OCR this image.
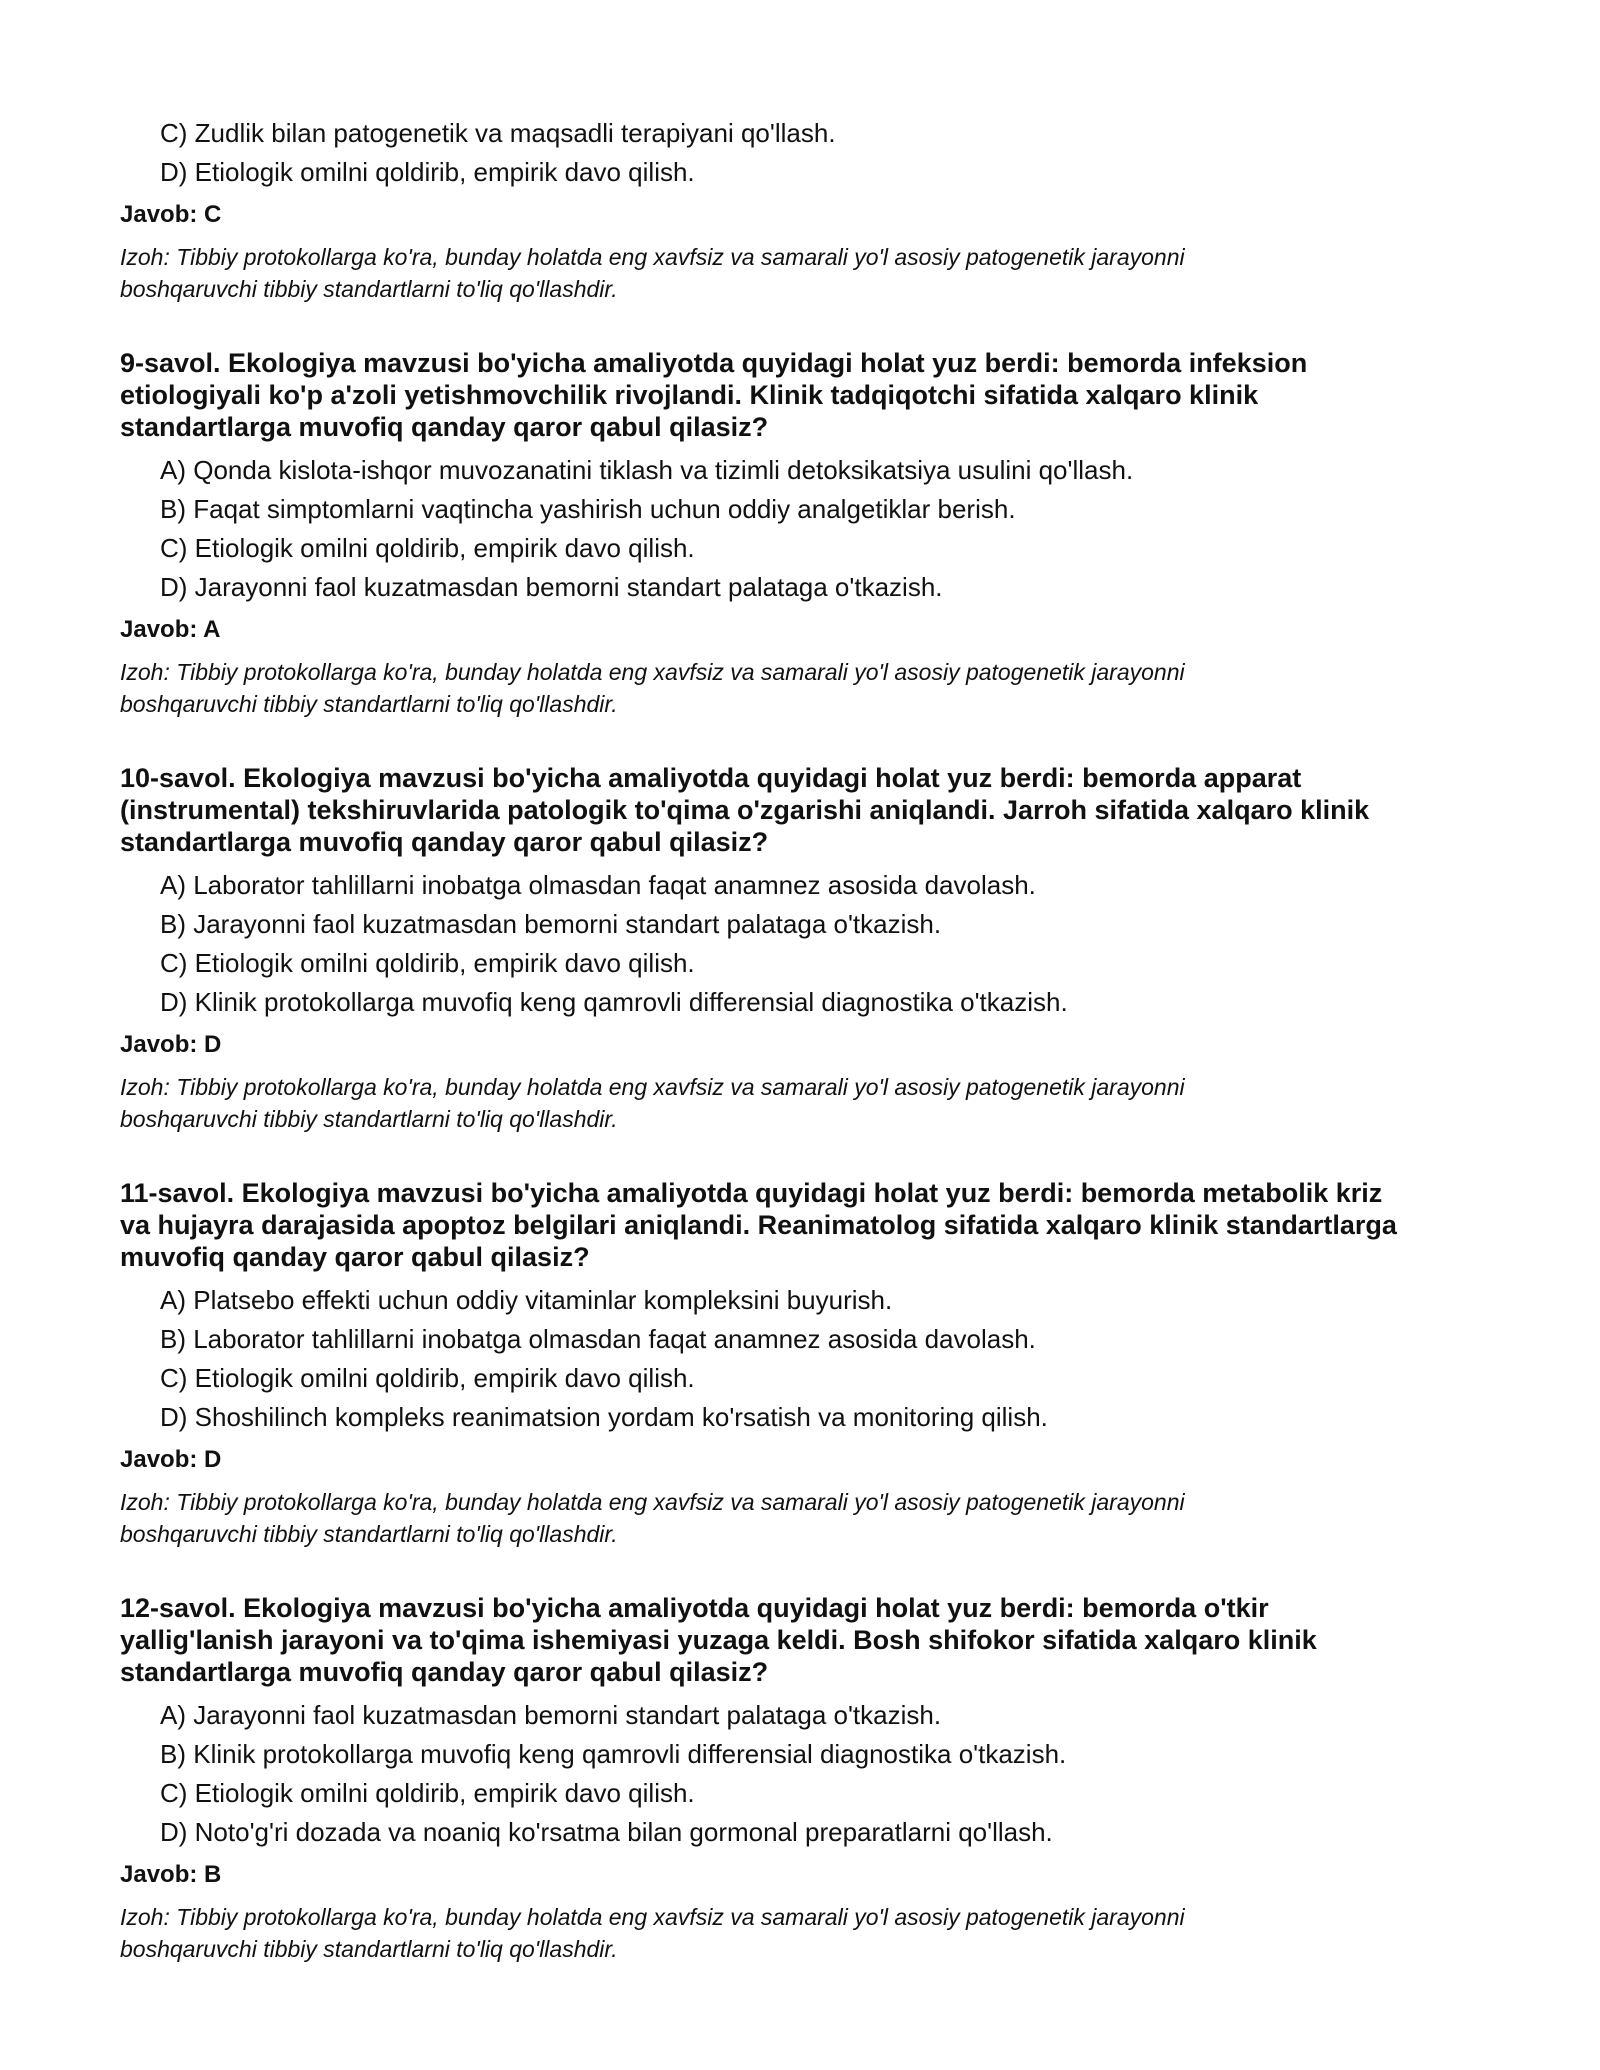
C) Zudlik bilan patogenetik va maqsadli terapiyani qo'llash.

D) Etiologik omilni qoldirib, empirik davo qilish.

Javob: C

Izoh: Tibbiy protokollarga ko'ra, bunday holatda eng xavfsiz va samarali yo'l asosiy patogenetik jarayonni

boshqaruvchi tibbiy standartlarni to'liq qo'llashdir.

9-savol. Ekologiya mavzusi bo'yicha amaliyotda quyidagi holat yuz berdi: bemorda infeksion
etiologiyali ko'p a'zoli yetishmovchilik rivojlandi. Klinik tadqiqotchi sifatida xalqaro klinik
standartlarga muvofiq qanday qaror qabul qilasiz?

A) Qonda kislota-ishqor muvozanatini tiklash va tizimli detoksikatsiya usulini qo'llash.

B) Faqat simptomlarni vaqtincha yashirish uchun oddiy analgetiklar berish.

C) Etiologik omilni qoldirib, empirik davo qilish.

D) Jarayonni faol kuzatmasdan bemorni standart palataga o'tkazish.

Javob: A

Izoh: Tibbiy protokollarga ko'ra, bunday holatda eng xavfsiz va samarali yo'l asosiy patogenetik jarayonni

boshqaruvchi tibbiy standartlarni to'liq qo'llashdir.

10-savol. Ekologiya mavzusi bo'yicha amaliyotda quyidagi holat yuz berdi: bemorda apparat
(instrumental) tekshiruvlarida patologik to'qima o'zgarishi aniqlandi. Jarroh sifatida xalqaro klinik
standartlarga muvofiq qanday qaror qabul qilasiz?

A) Laborator tahlillarni inobatga olmasdan faqat anamnez asosida davolash.

B) Jarayonni faol kuzatmasdan bemorni standart palataga o'tkazish.

C) Etiologik omilni qoldirib, empirik davo qilish.

D) Klinik protokollarga muvofiq keng qamrovli differensial diagnostika o'tkazish.

Javob: D

Izoh: Tibbiy protokollarga ko'ra, bunday holatda eng xavfsiz va samarali yo'l asosiy patogenetik jarayonni

boshqaruvchi tibbiy standartlarni to'liq qo'llashdir.

11-savol. Ekologiya mavzusi bo'yicha amaliyotda quyidagi holat yuz berdi: bemorda metabolik kriz
va hujayra darajasida apoptoz belgilari aniqlandi. Reanimatolog sifatida xalqaro klinik standartlarga
muvofiq qanday qaror qabul qilasiz?

A) Platsebo effekti uchun oddiy vitaminlar kompleksini buyurish.

B) Laborator tahlillarni inobatga olmasdan faqat anamnez asosida davolash.

C) Etiologik omilni qoldirib, empirik davo qilish.

D) Shoshilinch kompleks reanimatsion yordam ko'rsatish va monitoring qilish.

Javob: D

Izoh: Tibbiy protokollarga ko'ra, bunday holatda eng xavfsiz va samarali yo'l asosiy patogenetik jarayonni

boshqaruvchi tibbiy standartlarni to'liq qo'llashdir.

12-savol. Ekologiya mavzusi bo'yicha amaliyotda quyidagi holat yuz berdi: bemorda o'tkir
yallig'lanish jarayoni va to'qima ishemiyasi yuzaga keldi. Bosh shifokor sifatida xalqaro klinik
standartlarga muvofiq qanday qaror qabul qilasiz?

A) Jarayonni faol kuzatmasdan bemorni standart palataga o'tkazish.

B) Klinik protokollarga muvofiq keng qamrovli differensial diagnostika o'tkazish.

C) Etiologik omilni qoldirib, empirik davo qilish.

D) Noto'g'ri dozada va noaniq ko'rsatma bilan gormonal preparatlarni qo'llash.

Javob: B

Izoh: Tibbiy protokollarga ko'ra, bunday holatda eng xavfsiz va samarali yo'l asosiy patogenetik jarayonni

boshqaruvchi tibbiy standartlarni to'liq qo'llashdir.
